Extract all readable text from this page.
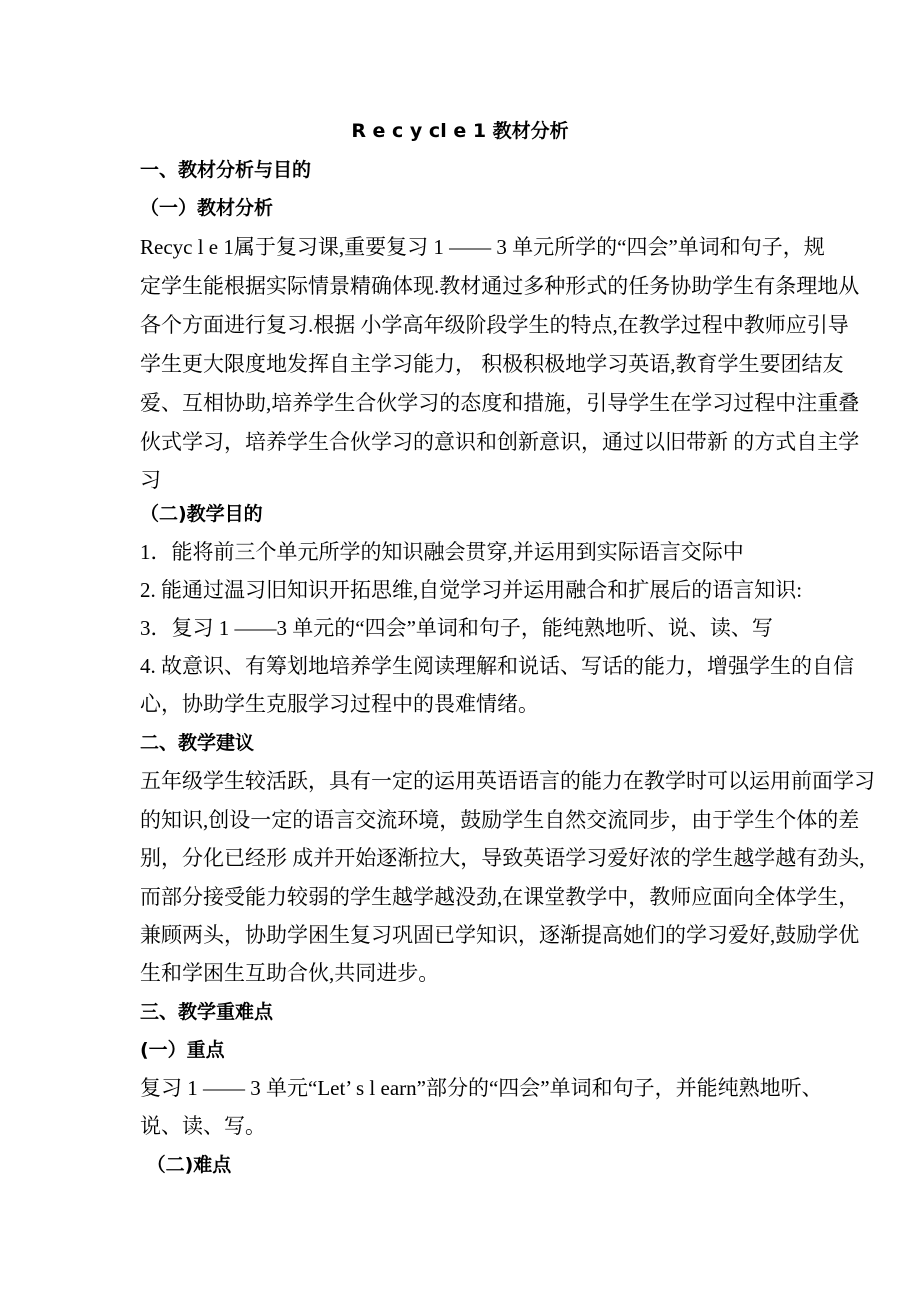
R e c y cl e 1 教材分析
一、教材分析与目的
（一）教材分析
Recyc l e 1属于复习课,重要复习 1 —— 3 单元所学的“四会”单词和句子，规
定学生能根据实际情景精确体现.教材通过多种形式的任务协助学生有条理地从
各个方面进行复习.根据 小学高年级阶段学生的特点,在教学过程中教师应引导
学生更大限度地发挥自主学习能力， 积极积极地学习英语,教育学生要团结友
爱、互相协助,培养学生合伙学习的态度和措施，引导学生在学习过程中注重叠
伙式学习，培养学生合伙学习的意识和创新意识，通过以旧带新 的方式自主学
习
（二)教学目的
1．能将前三个单元所学的知识融会贯穿,并运用到实际语言交际中
2. 能通过温习旧知识开拓思维,自觉学习并运用融合和扩展后的语言知识:
3．复习 1 ——3 单元的“四会”单词和句子，能纯熟地听、说、读、写
4. 故意识、有筹划地培养学生阅读理解和说话、写话的能力，增强学生的自信
心，协助学生克服学习过程中的畏难情绪。
二、教学建议
五年级学生较活跃，具有一定的运用英语语言的能力在教学时可以运用前面学习
的知识,创设一定的语言交流环境，鼓励学生自然交流同步，由于学生个体的差
别，分化已经形 成并开始逐渐拉大，导致英语学习爱好浓的学生越学越有劲头,
而部分接受能力较弱的学生越学越没劲,在课堂教学中，教师应面向全体学生，
兼顾两头，协助学困生复习巩固已学知识，逐渐提高她们的学习爱好,鼓励学优
生和学困生互助合伙,共同进步。
三、教学重难点
(一）重点
复习 1 —— 3 单元“Let’ s l earn”部分的“四会”单词和句子，并能纯熟地听、
说、读、写。
（二)难点
